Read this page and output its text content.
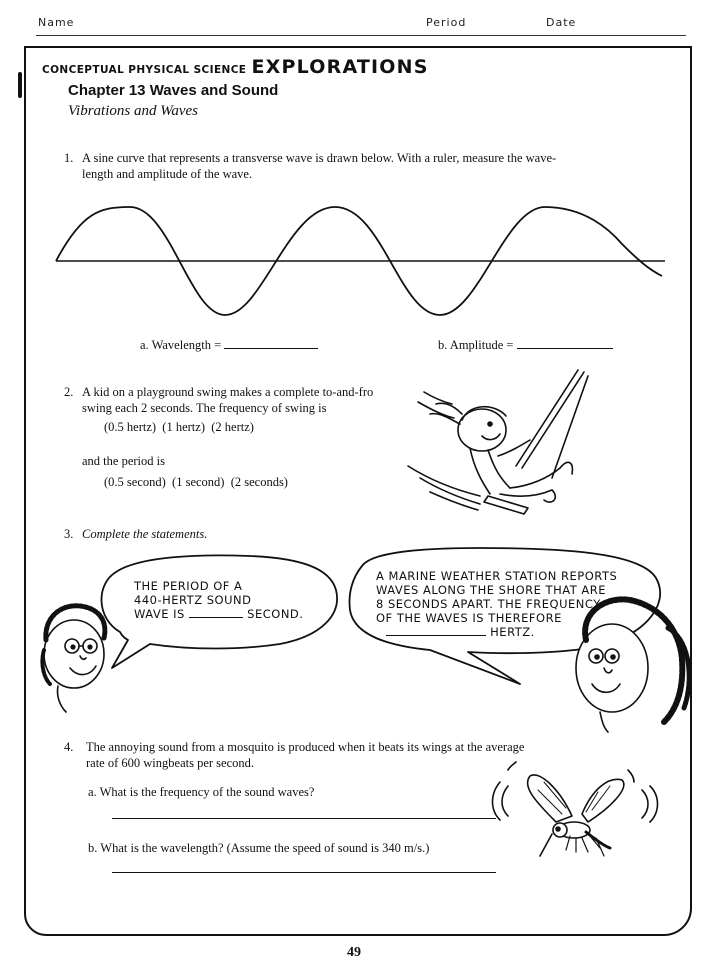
Name	Period	Date
CONCEPTUAL PHYSICAL SCIENCE EXPLORATIONS
Chapter 13 Waves and Sound
Vibrations and Waves
1. A sine curve that represents a transverse wave is drawn below. With a ruler, measure the wave-
length and amplitude of the wave.
a. Wavelength =	b. Amplitude =
2. A kid on a playground swing makes a complete to-and-fro
swing each 2 seconds. The frequency of swing is
(0.5 hertz)  (1 hertz)  (2 hertz)
and the period is
(0.5 second)  (1 second)  (2 seconds)
3. Complete the statements.
THE PERIOD OF A
440-HERTZ SOUND
WAVE IS	SECOND.
A MARINE WEATHER STATION REPORTS
WAVES ALONG THE SHORE THAT ARE
8 SECONDS APART. THE FREQUENCY
OF THE WAVES IS THEREFORE
HERTZ.
4. The annoying sound from a mosquito is produced when it beats its wings at the average
rate of 600 wingbeats per second.
a. What is the frequency of the sound waves?
b. What is the wavelength? (Assume the speed of sound is 340 m/s.)
49
